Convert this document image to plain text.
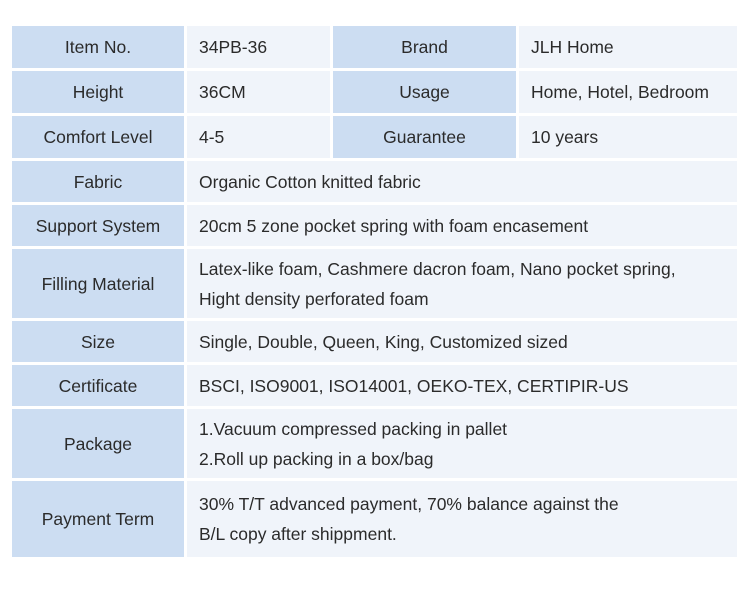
Item No.	34PB-36	Brand	JLH Home
Height	36CM	Usage	Home, Hotel, Bedroom
Comfort Level	4-5	Guarantee	10 years
Fabric	Organic Cotton knitted fabric		
Support System	20cm 5 zone pocket spring with foam encasement		
Filling Material	Latex-like foam, Cashmere dacron foam, Nano pocket spring,
Hight density perforated foam		

Size	Single, Double, Queen, King, Customized sized		
Certificate	BSCI, ISO9001, ISO14001, OEKO-TEX, CERTIPIR-US		
Package	1.Vacuum compressed packing in pallet
2.Roll up packing in a box/bag		

Payment Term	30% T/T advanced payment, 70% balance against the
B/L copy after shippment.		
